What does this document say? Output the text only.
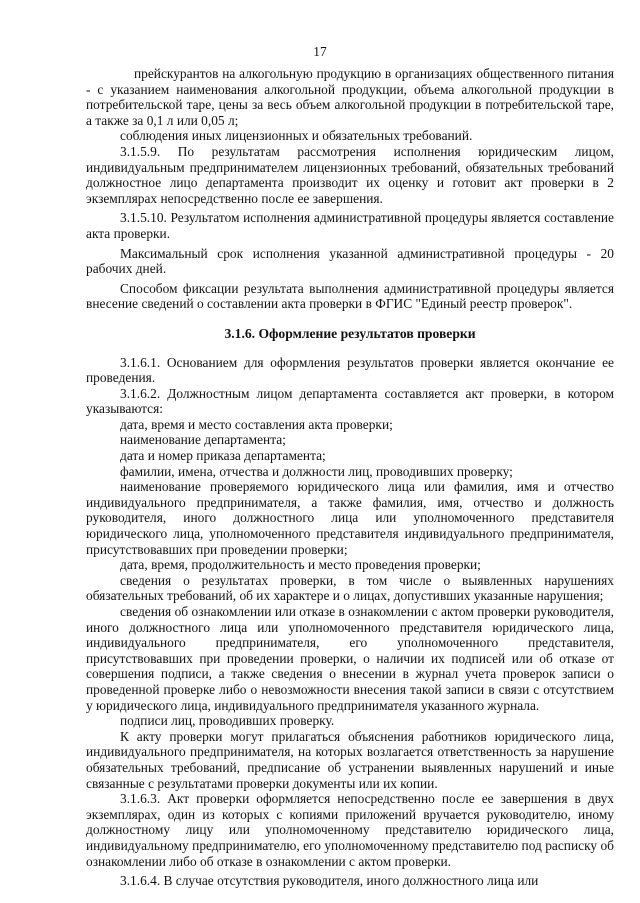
17

прейскурантов на алкогольную продукцию в организациях общественного питания - с указанием наименования алкогольной продукции, объема алкогольной продукции в потребительской таре, цены за весь объем алкогольной продукции в потребительской таре, а также за 0,1 л или 0,05 л;

соблюдения иных лицензионных и обязательных требований.

3.1.5.9. По результатам рассмотрения исполнения юридическим лицом, индивидуальным предпринимателем лицензионных требований, обязательных требований должностное лицо департамента производит их оценку и готовит акт проверки в 2 экземплярах непосредственно после ее завершения.

3.1.5.10. Результатом исполнения административной процедуры является составление акта проверки.

Максимальный срок исполнения указанной административной процедуры - 20 рабочих дней.

Способом фиксации результата выполнения административной процедуры является внесение сведений о составлении акта проверки в ФГИС "Единый реестр проверок".

3.1.6. Оформление результатов проверки

3.1.6.1. Основанием для оформления результатов проверки является окончание ее проведения.

3.1.6.2. Должностным лицом департамента составляется акт проверки, в котором указываются:

дата, время и место составления акта проверки;

наименование департамента;

дата и номер приказа департамента;

фамилии, имена, отчества и должности лиц, проводивших проверку;

наименование проверяемого юридического лица или фамилия, имя и отчество индивидуального предпринимателя, а также фамилия, имя, отчество и должность руководителя, иного должностного лица или уполномоченного представителя юридического лица, уполномоченного представителя индивидуального предпринимателя, присутствовавших при проведении проверки;

дата, время, продолжительность и место проведения проверки;

сведения о результатах проверки, в том числе о выявленных нарушениях обязательных требований, об их характере и о лицах, допустивших указанные нарушения;

сведения об ознакомлении или отказе в ознакомлении с актом проверки руководителя, иного должностного лица или уполномоченного представителя юридического лица, индивидуального предпринимателя, его уполномоченного представителя, присутствовавших при проведении проверки, о наличии их подписей или об отказе от совершения подписи, а также сведения о внесении в журнал учета проверок записи о проведенной проверке либо о невозможности внесения такой записи в связи с отсутствием у юридического лица, индивидуального предпринимателя указанного журнала.

подписи лиц, проводивших проверку.

К акту проверки могут прилагаться объяснения работников юридического лица, индивидуального предпринимателя, на которых возлагается ответственность за нарушение обязательных требований, предписание об устранении выявленных нарушений и иные связанные с результатами проверки документы или их копии.

3.1.6.3. Акт проверки оформляется непосредственно после ее завершения в двух экземплярах, один из которых с копиями приложений вручается руководителю, иному должностному лицу или уполномоченному представителю юридического лица, индивидуальному предпринимателю, его уполномоченному представителю под расписку об ознакомлении либо об отказе в ознакомлении с актом проверки.

3.1.6.4. В случае отсутствия руководителя, иного должностного лица или
